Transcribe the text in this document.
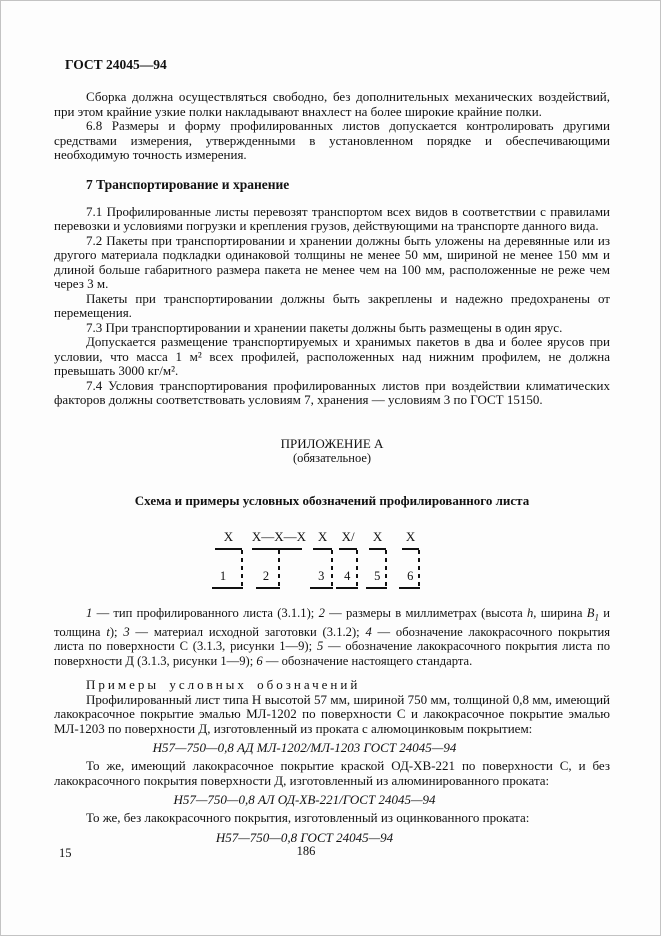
ГОСТ 24045—94

Сборка должна осуществляться свободно, без дополнительных механических воздействий, при этом крайние узкие полки накладывают внахлест на более широкие крайние полки.

6.8 Размеры и форму профилированных листов допускается контролировать другими средствами измерения, утвержденными в установленном порядке и обеспечивающими необходимую точность измерения.

7 Транспортирование и хранение

7.1 Профилированные листы перевозят транспортом всех видов в соответствии с правилами перевозки и условиями погрузки и крепления грузов, действующими на транспорте данного вида.

7.2 Пакеты при транспортировании и хранении должны быть уложены на деревянные или из другого материала подкладки одинаковой толщины не менее 50 мм, шириной не менее 150 мм и длиной больше габаритного размера пакета не менее чем на 100 мм, расположенные не реже чем через 3 м.

Пакеты при транспортировании должны быть закреплены и надежно предохранены от перемещения.

7.3 При транспортировании и хранении пакеты должны быть размещены в один ярус.

Допускается размещение транспортируемых и хранимых пакетов в два и более ярусов при условии, что масса 1 м² всех профилей, расположенных над нижним профилем, не должна превышать 3000 кг/м².

7.4 Условия транспортирования профилированных листов при воздействии климатических факторов должны соответствовать условиям 7, хранения — условиям 3 по ГОСТ 15150.

ПРИЛОЖЕНИЕ А
(обязательное)
Схема и примеры условных обозначений профилированного листа
Х
1
Х—Х—Х
2
Х
3
Х/
4
Х
5
Х
6

1 — тип профилированного листа (3.1.1); 2 — размеры в миллиметрах (высота h, ширина $B_1$ и толщина t); 3 — материал исходной заготовки (3.1.2); 4 — обозначение лакокрасочного покрытия листа по поверхности С (3.1.3, рисунки 1—9); 5 — обозначение лакокрасочного покрытия листа по поверхности Д (3.1.3, рисунки 1—9); 6 — обозначение настоящего стандарта.

Примеры условных обозначений

Профилированный лист типа Н высотой 57 мм, шириной 750 мм, толщиной 0,8 мм, имеющий лакокрасочное покрытие эмалью МЛ-1202 по поверхности С и лакокрасочное покрытие эмалью МЛ-1203 по поверхности Д, изготовленный из проката с алюмоцинковым покрытием:

Н57—750—0,8 АД МЛ-1202/МЛ-1203 ГОСТ 24045—94

То же, имеющий лакокрасочное покрытие краской ОД-ХВ-221 по поверхности С, и без лакокрасочного покрытия поверхности Д, изготовленный из алюминированного проката:

Н57—750—0,8 АЛ ОД-ХВ-221/ГОСТ 24045—94

То же, без лакокрасочного покрытия, изготовленный из оцинкованного проката:

Н57—750—0,8 ГОСТ 24045—94

15	186
